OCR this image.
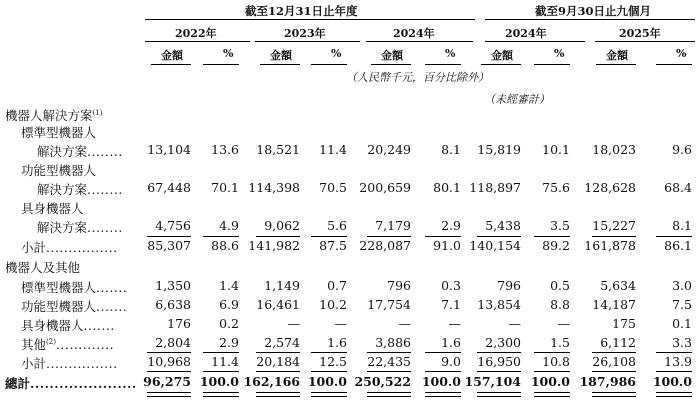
截至12月31日止年度	截至9月30日止九個月
2022年	2023年	2024年	2024年	2025年
金額	%	金額	%	金額	%	金額	%	金額	%
（人民幣千元，百分比除外）
（未經審計）
機器人解決方案$^{(1)}$
標準型機器人
解決方案........ 13,104 13.6 18,521 11.4 20,249 8.1 15,819 10.1 18,023	9.6
功能型機器人
解決方案........ 67,448 70.1 114,398 70.5 200,659 80.1 118,897 75.6 128,628 68.4
具身機器人
解決方案........	4,756 4.9 9,062 5.6 7,179 2.9 5,438 3.5 15,227	8.1
小計................ 85,307 88.6 141,982 87.5 228,087 91.0 140,154 89.2 161,878 86.1
機器人及其他
標準型機器人....... 1,350 1.4 1,149 0.7	796 0.3	796 0.5 5,634	3.0
功能型機器人....... 6,638 6.9 16,461 10.2 17,754 7.1 13,854 8.8 14,187	7.5
具身機器人.......	176 0.2	—	—	—	—	—	—	175	0.1
其他$^{(2)}$.............	2,804 2.9 2,574 1.6 3,886 1.6 2,300 1.5 6,112	3.3
小計................ 10,968 11.4 20,184 12.5 22,435 9.0 16,950 10.8 26,108 13.9
總計...................... 96,275 100.0 162,166 100.0 250,522 100.0 157,104 100.0 187,986 100.0
